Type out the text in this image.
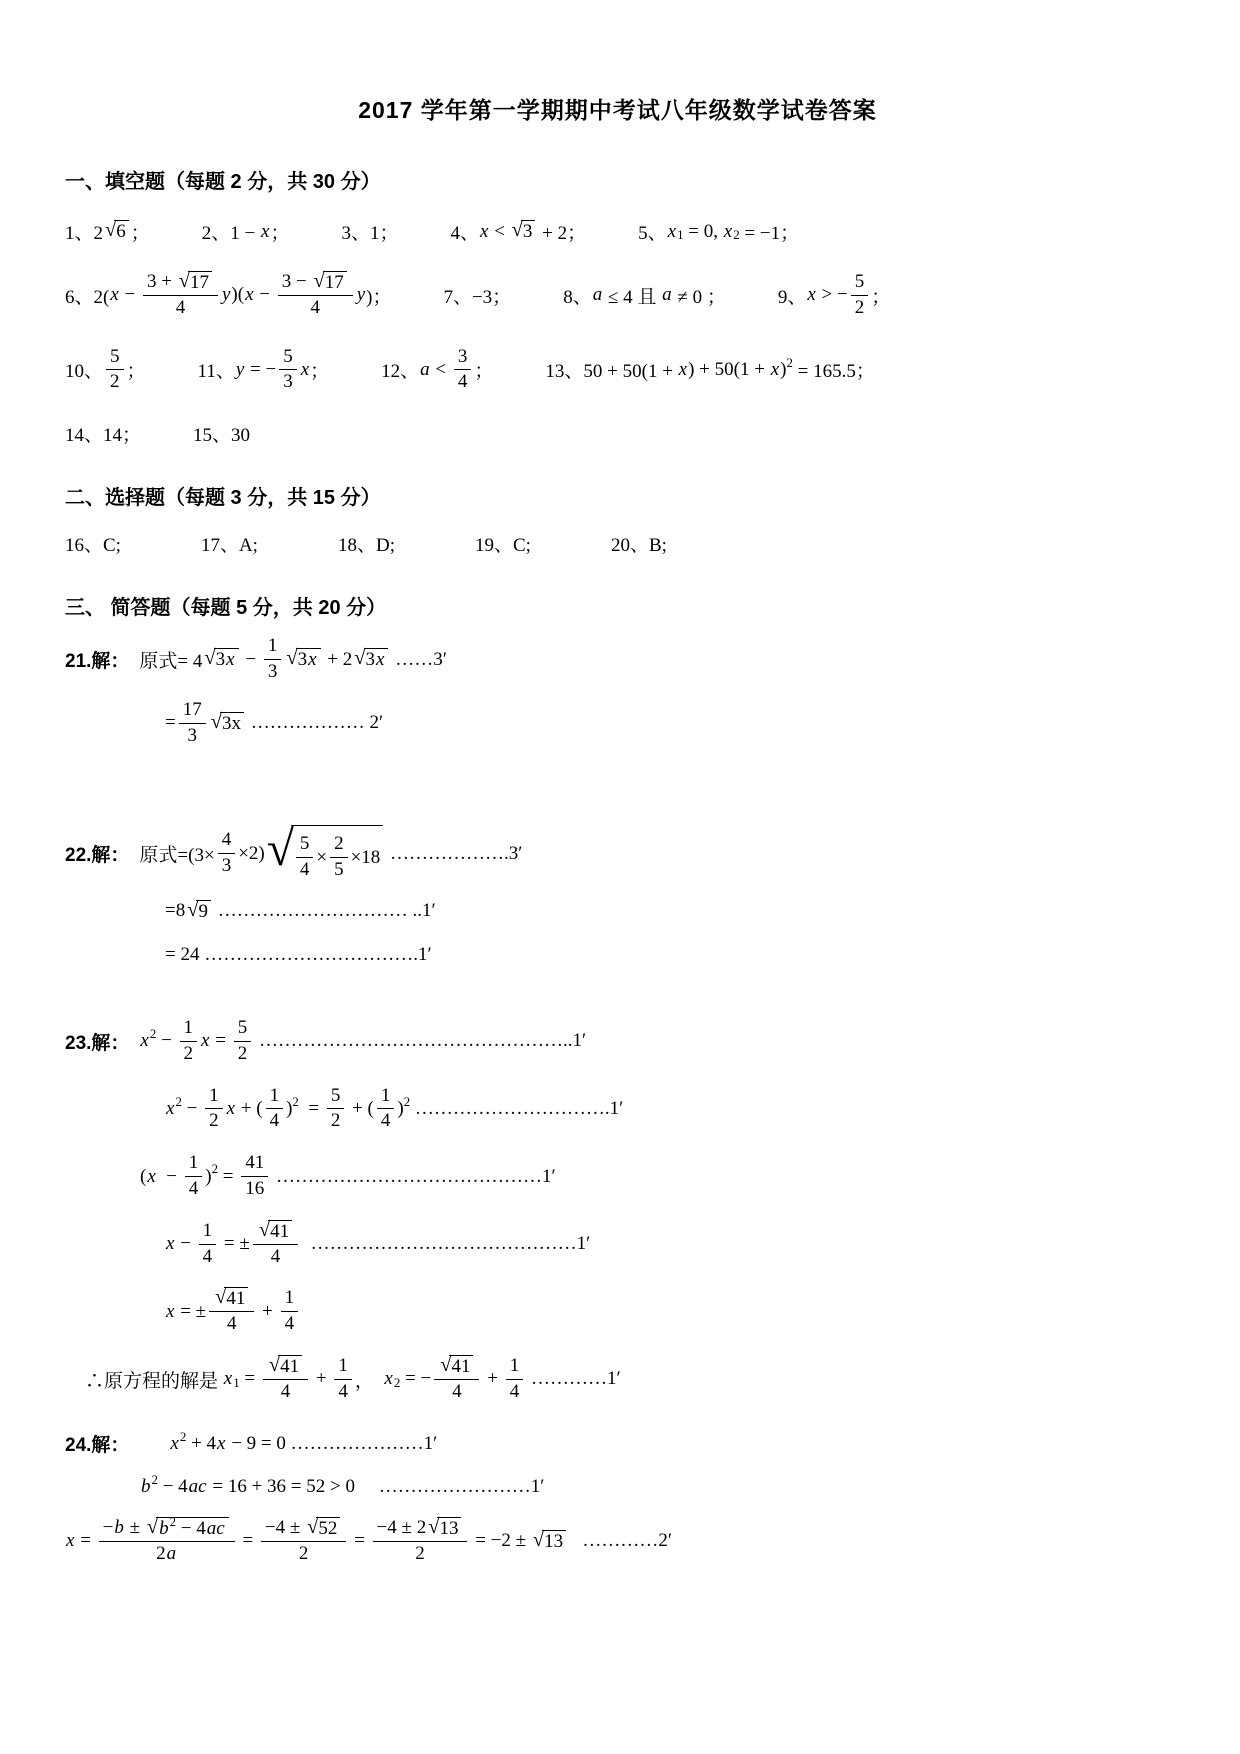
2017 学年第一学期期中考试八年级数学试卷答案
一、填空题（每题 2 分，共 30 分）
1、2 √ 6 ；	2、1 − x ；	3、1；	4、 x < √ 3 + 2；	5、 $x_1 = 0$, $x_2 = -1$；
6、2( $x - \frac{3 + √ 17}{4}$ y )( $x - \frac{3 - √ 17}{4}$ y )；	7、−3；	8、 a ≤ 4 且 a ≠ 0 ；	9、 x > − $\frac{5}{2}$ ；
10、 $\frac{5}{2}$ ；	11、 y = − $\frac{5}{3}$ x ；	12、 $a < \frac{3}{4}$ ；	13、50 + 50(1 + x ) + 50(1 + x )$^2$ = 165.5；
14、14；	15、30
二、选择题（每题 3 分，共 15 分）
16、C;	17、A;	18、D;	19、C;	20、B;
三、 简答题（每题 5 分，共 20 分）
21.解： 原式= 4 √ 3 $x - \frac{1}{3}$ √ 3 x + 2 √ 3 x ……3′
= $\frac{17}{3}$ √ 3x ……………… 2′
22.解： 原式$=(3\times \frac{4}{3} \times 2)$ √ $\frac{5}{4} \times \frac{2}{5} \times 18$ ……………….3′
=8 √ 9 ………………………… ..1′
= 24 …………………………….1′
23.解： $x^2 - \frac{1}{2}$ $x = \frac{5}{2}$ …………………………………………..1′
$x^2 - \frac{1}{2}$ x + ( $\frac{1}{4} )^2 = \frac{5}{2}$ + ( $\frac{1}{4} )^2$ ………………………….1′
( $x - \frac{1}{4} )^2 = \frac{41}{16}$ ……………………………………1′
$x - \frac{1}{4}$ = ± $\frac{√ 41}{4}$ ……………………………………1′
x = ± $\frac{√ 41}{4} + \frac{1}{4}$
∴原方程的解是 $x_1 = \frac{√ 41}{4} + \frac{1}{4}$ ， $x_2$ = − $\frac{√ 41}{4} + \frac{1}{4}$ …………1′
24.解： $x^2 + 4$ x − 9 = 0 …………………1′
$b^2 - 4$ ac = 16 + 36 = 52 > 0     ……………………1′
$x = \frac{-b \pm √ b^2 - 4 ac}{2a} = \frac{-4 \pm √ 52}{2} = \frac{-4 \pm 2 √ 13}{2} = -2$ ± √ 13 …………2′
